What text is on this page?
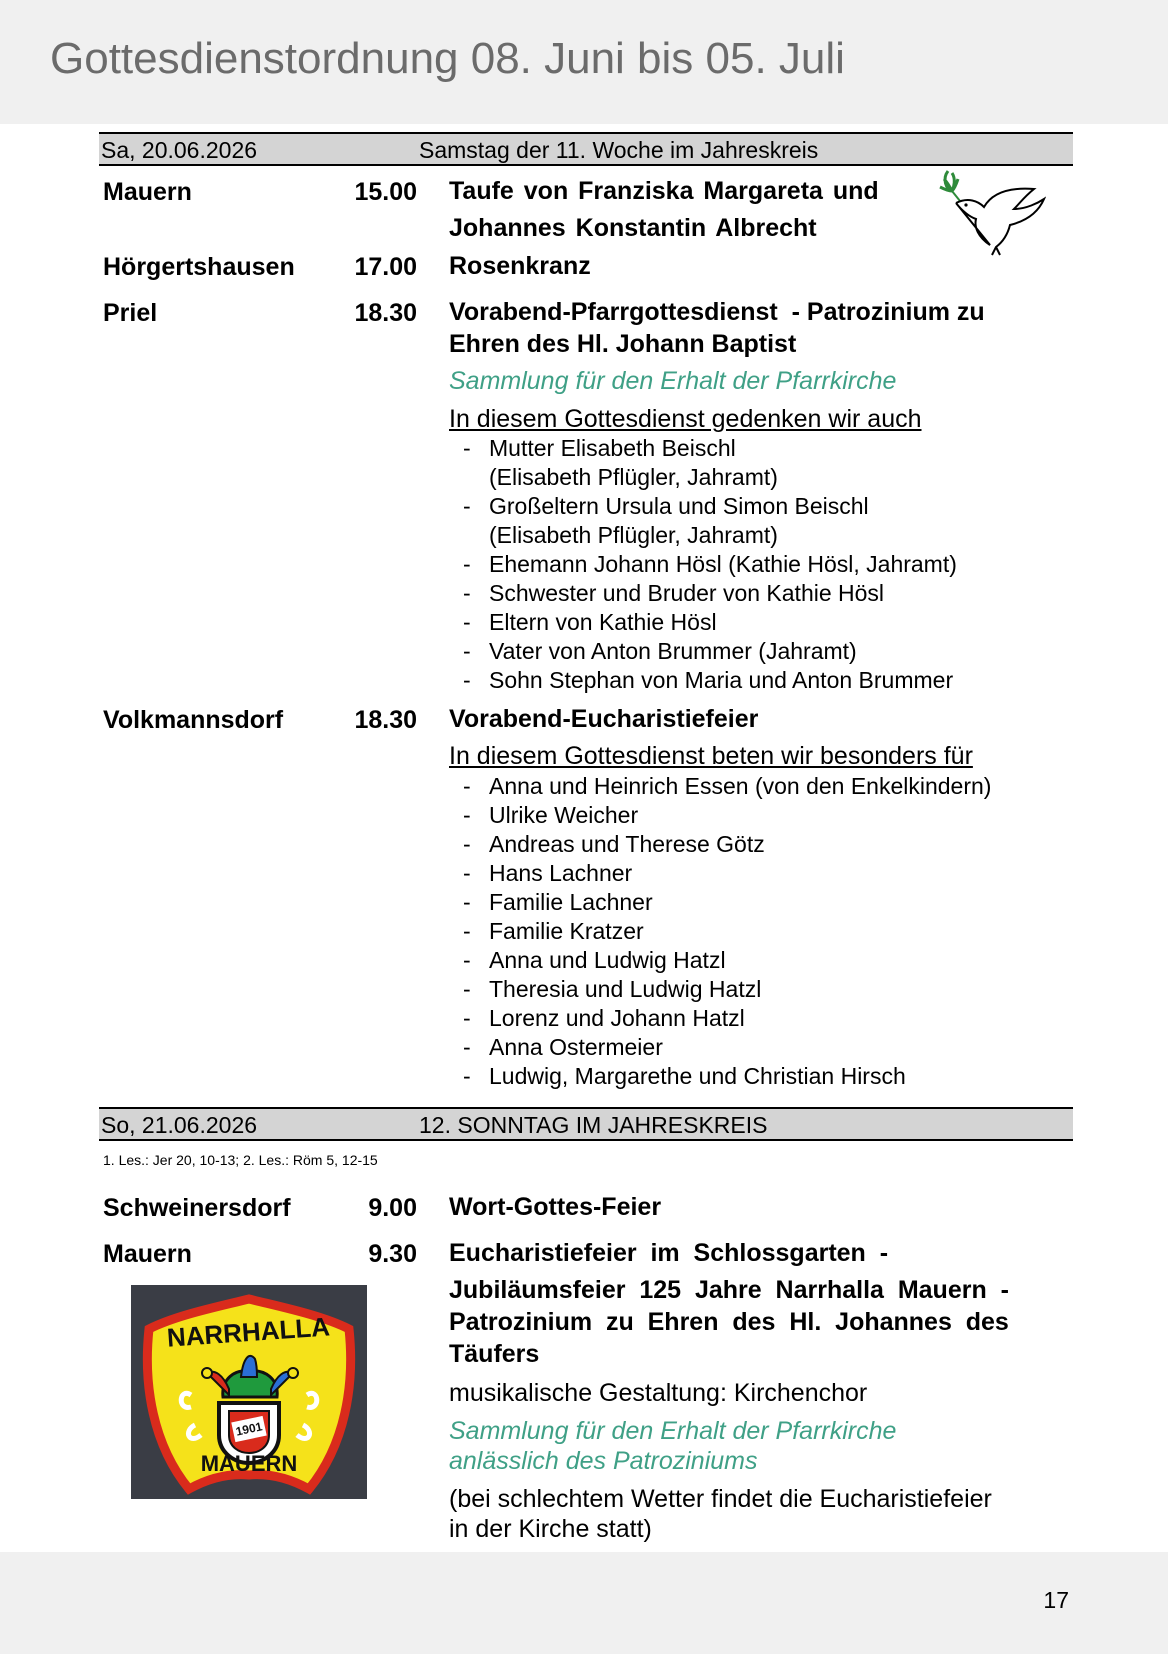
Gottesdienstordnung 08. Juni bis 05. Juli
Sa, 20.06.2026	Samstag der 11. Woche im Jahreskreis
Mauern	15.00 Taufe von Franziska Margareta und
Johannes Konstantin Albrecht
Hörgertshausen	17.00 Rosenkranz
Priel	18.30 Vorabend-Pfarrgottesdienst  - Patrozinium zu
Ehren des Hl. Johann Baptist
Sammlung für den Erhalt der Pfarrkirche
In diesem Gottesdienst gedenken wir auch
- Mutter Elisabeth Beischl
(Elisabeth Pflügler, Jahramt)
- Großeltern Ursula und Simon Beischl
(Elisabeth Pflügler, Jahramt)
- Ehemann Johann Hösl (Kathie Hösl, Jahramt)
- Schwester und Bruder von Kathie Hösl
- Eltern von Kathie Hösl
- Vater von Anton Brummer (Jahramt)
- Sohn Stephan von Maria und Anton Brummer
Volkmannsdorf	18.30 Vorabend-Eucharistiefeier
In diesem Gottesdienst beten wir besonders für
- Anna und Heinrich Essen (von den Enkelkindern)
- Ulrike Weicher
- Andreas und Therese Götz
- Hans Lachner
- Familie Lachner
- Familie Kratzer
- Anna und Ludwig Hatzl
- Theresia und Ludwig Hatzl
- Lorenz und Johann Hatzl
- Anna Ostermeier
- Ludwig, Margarethe und Christian Hirsch
So, 21.06.2026	12. SONNTAG IM JAHRESKREIS
1. Les.: Jer 20, 10-13; 2. Les.: Röm 5, 12-15
Schweinersdorf	9.00 Wort-Gottes-Feier
Mauern	9.30 Eucharistiefeier  im  Schlossgarten  -
Jubiläumsfeier  125  Jahre  Narrhalla  Mauern  -
Patrozinium  zu  Ehren  des  Hl.  Johannes  des
Täufers
musikalische Gestaltung: Kirchenchor
Sammlung für den Erhalt der Pfarrkirche
anlässlich des Patroziniums
(bei schlechtem Wetter findet die Eucharistiefeier
in der Kirche statt)
NARRHALLA
MAUERN
1901
17
